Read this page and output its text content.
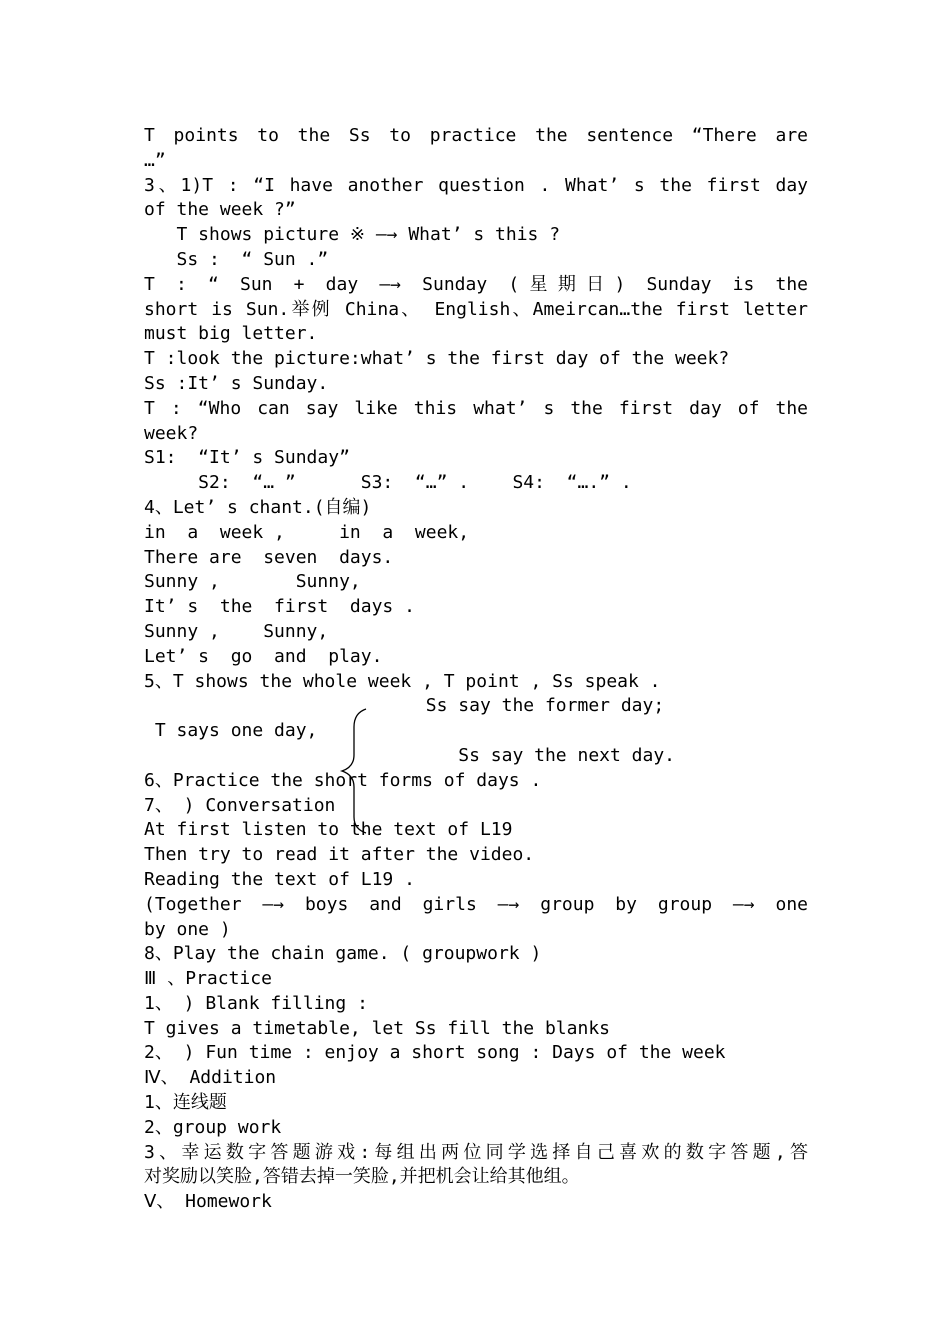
T points to the Ss to practice the sentence “There are
…”
3、1)T : “I have another question . What’ s the first day
of the week ?”
T shows picture ※ —→ What’ s this ?
Ss :  “ Sun .”
T : “ Sun + day —→ Sunday (星期日) Sunday is the
short is Sun.举例 China、 English、Ameircan…the first letter
must big letter.
T :look the picture:what’ s the first day of the week?
Ss :It’ s Sunday.
T : “Who can say like this what’ s the first day of the
week?
S1:  “It’ s Sunday”
S2:  “… ”      S3:  “…” .    S4:  “….” .
4、Let’ s chant.(自编)
in  a  week ,     in  a  week,
There are  seven  days.
Sunny ,       Sunny,
It’ s  the  first  days .
Sunny ,    Sunny,
Let’ s  go  and  play.
5、T shows the whole week , T point , Ss speak .
Ss say the former day;
T says one day,
Ss say the next day.
6、Practice the short forms of days .
7、 ) Conversation
At first listen to the text of L19
Then try to read it after the video.
Reading the text of L19 .
(Together —→ boys and girls —→ group by group —→ one
by one )
8、Play the chain game. ( groupwork )
Ⅲ 、Practice
1、 ) Blank filling :
T gives a timetable, let Ss fill the blanks
2、 ) Fun time : enjoy a short song : Days of the week
Ⅳ、 Addition
1、连线题
2、group work
3、幸运数字答题游戏:每组出两位同学选择自己喜欢的数字答题,答
对奖励以笑脸,答错去掉一笑脸,并把机会让给其他组。
Ⅴ、 Homework
